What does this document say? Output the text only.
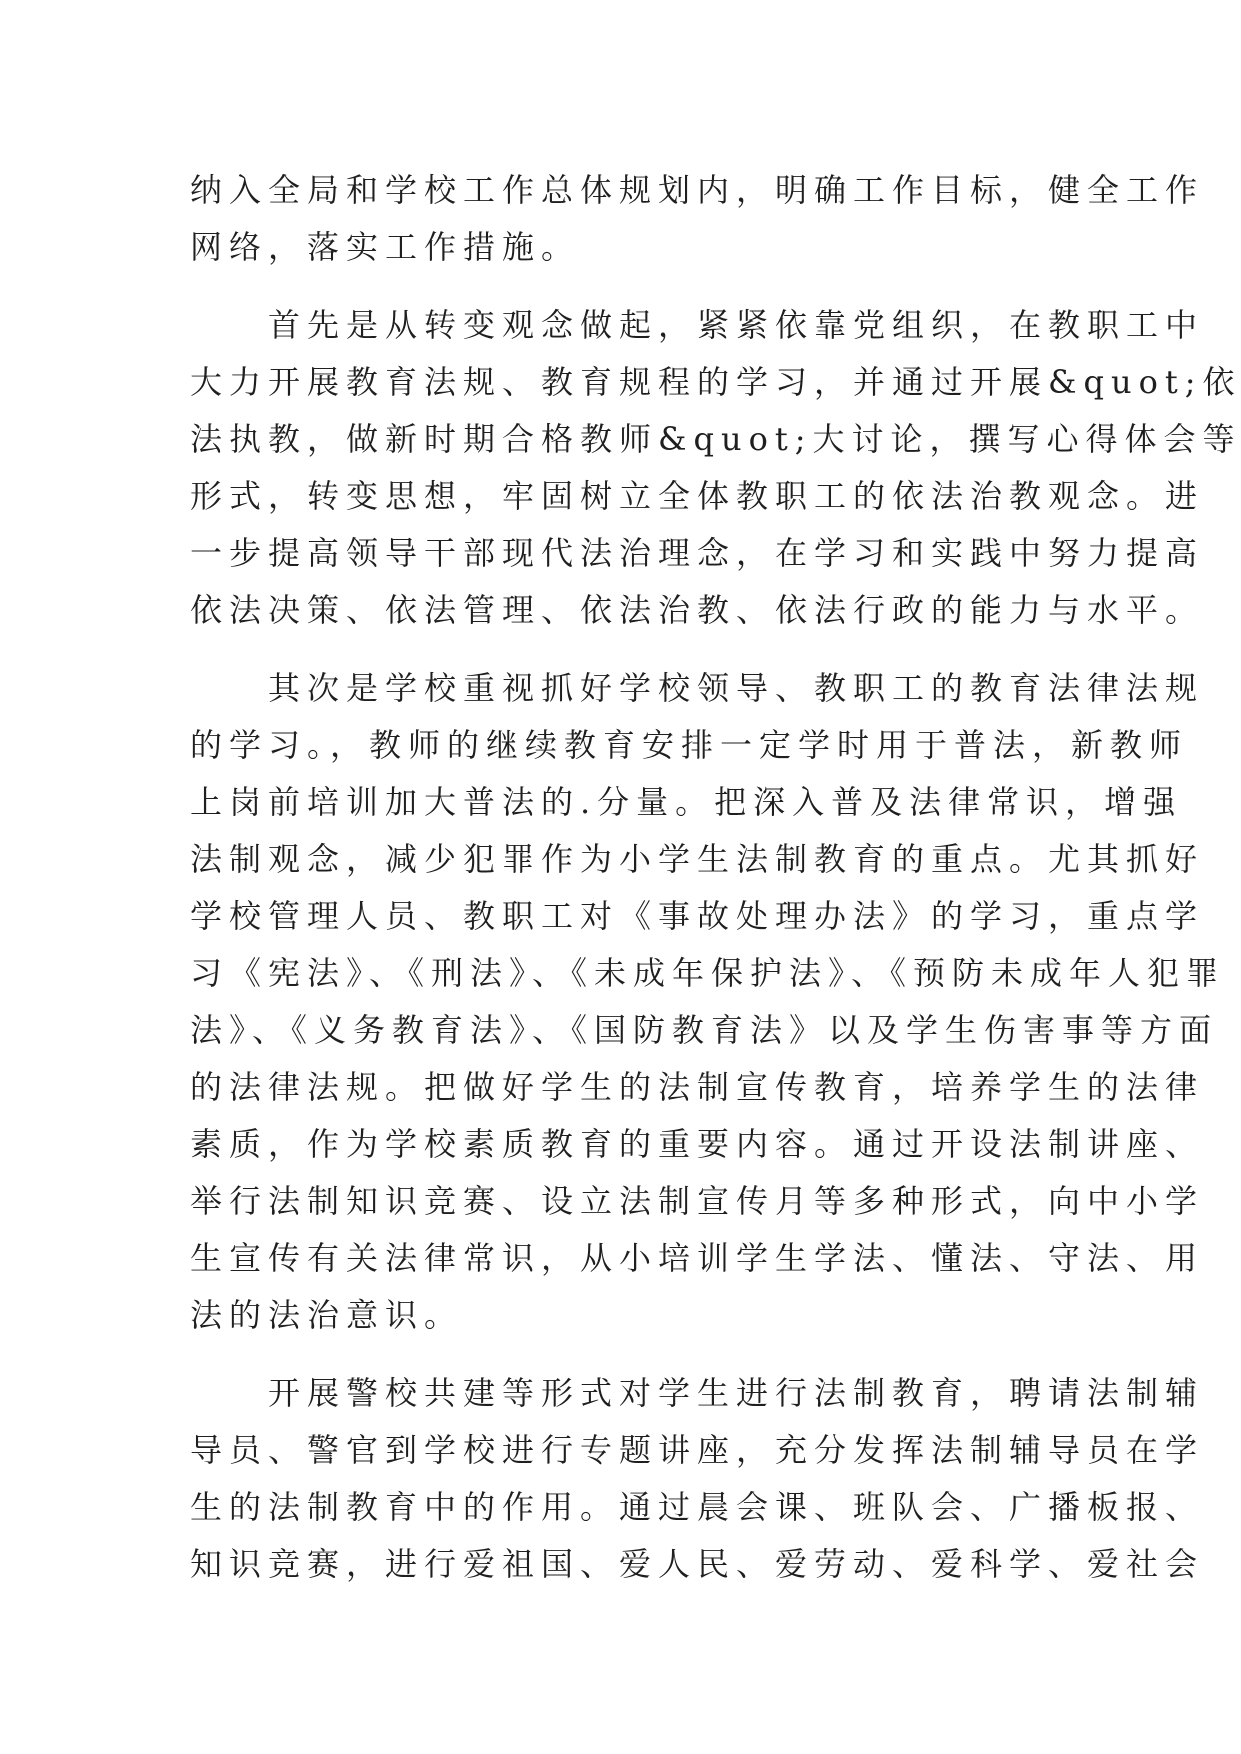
纳入全局和学校工作总体规划内，明确工作目标，健全工作
网络，落实工作措施。
　　首先是从转变观念做起，紧紧依靠党组织，在教职工中
大力开展教育法规、教育规程的学习，并通过开展&quot;依
法执教，做新时期合格教师&quot;大讨论，撰写心得体会等
形式，转变思想，牢固树立全体教职工的依法治教观念。进
一步提高领导干部现代法治理念，在学习和实践中努力提高
依法决策、依法管理、依法治教、依法行政的能力与水平。
　　其次是学校重视抓好学校领导、教职工的教育法律法规
的学习。，教师的继续教育安排一定学时用于普法，新教师
上岗前培训加大普法的.分量。把深入普及法律常识，增强
法制观念，减少犯罪作为小学生法制教育的重点。尤其抓好
学校管理人员、教职工对《事故处理办法》的学习，重点学
习《宪法》、《刑法》、《未成年保护法》、《预防未成年人犯罪
法》、《义务教育法》、《国防教育法》以及学生伤害事等方面
的法律法规。把做好学生的法制宣传教育，培养学生的法律
素质，作为学校素质教育的重要内容。通过开设法制讲座、
举行法制知识竞赛、设立法制宣传月等多种形式，向中小学
生宣传有关法律常识，从小培训学生学法、懂法、守法、用
法的法治意识。
　　开展警校共建等形式对学生进行法制教育，聘请法制辅
导员、警官到学校进行专题讲座，充分发挥法制辅导员在学
生的法制教育中的作用。通过晨会课、班队会、广播板报、
知识竞赛，进行爱祖国、爱人民、爱劳动、爱科学、爱社会
